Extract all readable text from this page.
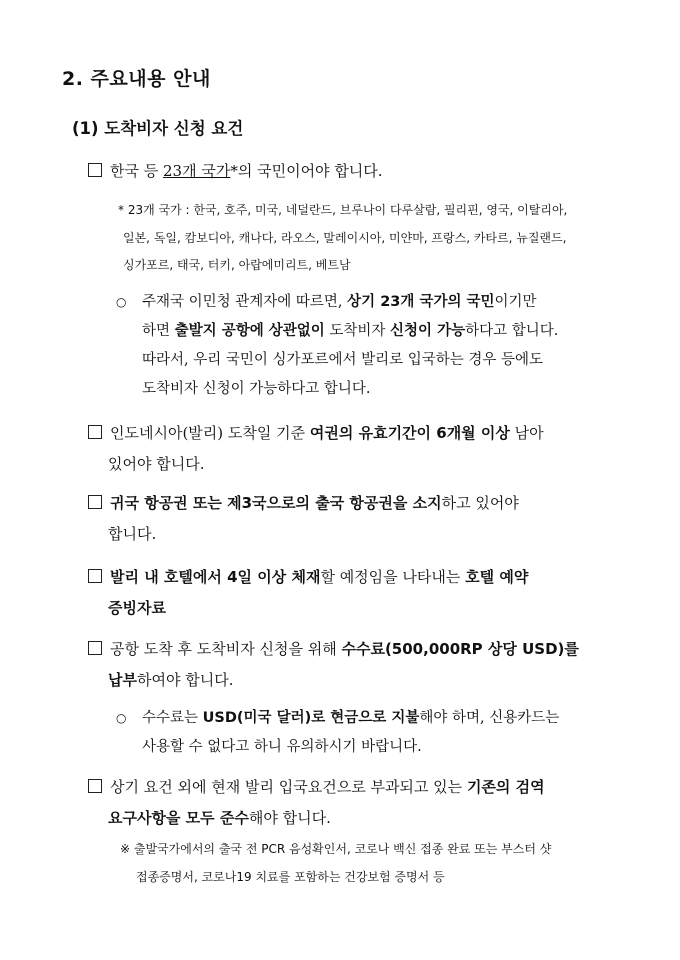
2. 주요내용 안내
(1) 도착비자 신청 요건
한국 등 23개 국가*의 국민이어야 합니다.
* 23개 국가 : 한국, 호주, 미국, 네덜란드, 브루나이 다루살람, 필리핀, 영국, 이탈리아,
일본, 독일, 캄보디아, 캐나다, 라오스, 말레이시아, 미얀마, 프랑스, 카타르, 뉴질랜드,
싱가포르, 태국, 터키, 아랍에미리트, 베트남
○ 주재국 이민청 관계자에 따르면, 상기 23개 국가의 국민이기만
하면 출발지 공항에 상관없이 도착비자 신청이 가능하다고 합니다.
따라서, 우리 국민이 싱가포르에서 발리로 입국하는 경우 등에도
도착비자 신청이 가능하다고 합니다.
인도네시아(발리) 도착일 기준 여권의 유효기간이 6개월 이상 남아
있어야 합니다.
귀국 항공권 또는 제3국으로의 출국 항공권을 소지하고 있어야
합니다.
발리 내 호텔에서 4일 이상 체재할 예정임을 나타내는 호텔 예약
증빙자료
공항 도착 후 도착비자 신청을 위해 수수료(500,000RP 상당 USD)를
납부하여야 합니다.
○ 수수료는 USD(미국 달러)로 현금으로 지불해야 하며, 신용카드는
사용할 수 없다고 하니 유의하시기 바랍니다.
상기 요건 외에 현재 발리 입국요건으로 부과되고 있는 기존의 검역
요구사항을 모두 준수해야 합니다.
※ 출발국가에서의 출국 전 PCR 음성확인서, 코로나 백신 접종 완료 또는 부스터 샷
접종증명서, 코로나19 치료를 포함하는 건강보험 증명서 등
